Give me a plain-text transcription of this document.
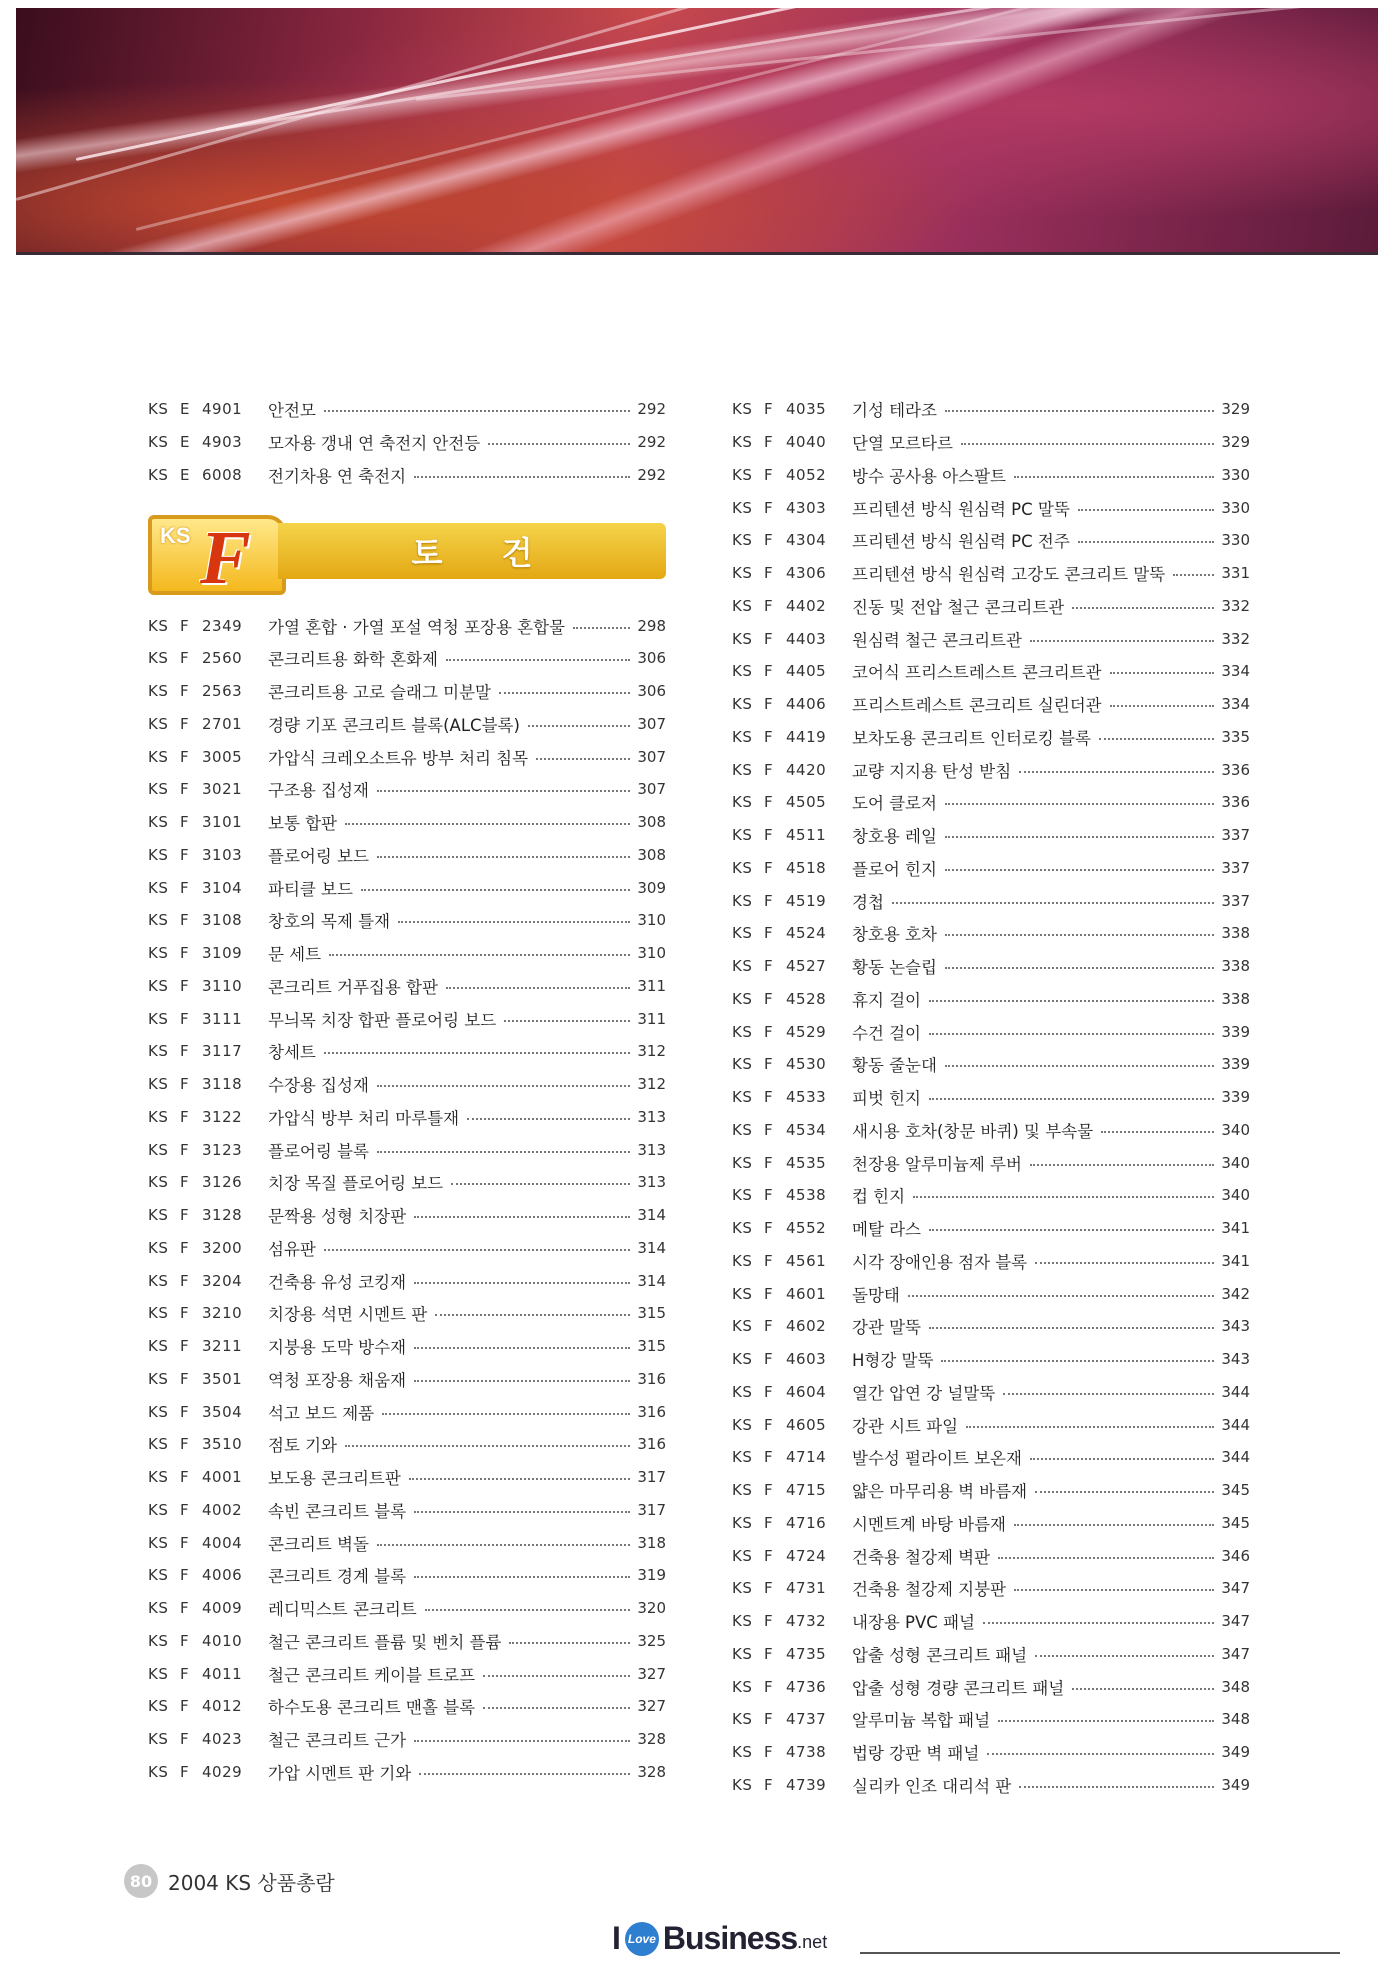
KS E 4901	안전모	292
KS E 4903	모자용 갱내 연 축전지 안전등	292
KS E 6008	전기차용 연 축전지	292
KS F	토 건
KS F 2349	가열 혼합 · 가열 포설 역청 포장용 혼합물	298
KS F 2560	콘크리트용 화학 혼화제	306
KS F 2563	콘크리트용 고로 슬래그 미분말	306
KS F 2701	경량 기포 콘크리트 블록(ALC블록)	307
KS F 3005	가압식 크레오소트유 방부 처리 침목	307
KS F 3021	구조용 집성재	307
KS F 3101	보통 합판	308
KS F 3103	플로어링 보드	308
KS F 3104	파티클 보드	309
KS F 3108	창호의 목제 틀재	310
KS F 3109	문 세트	310
KS F 3110	콘크리트 거푸집용 합판	311
KS F 3111	무늬목 치장 합판 플로어링 보드	311
KS F 3117	창세트	312
KS F 3118	수장용 집성재	312
KS F 3122	가압식 방부 처리 마루틀재	313
KS F 3123	플로어링 블록	313
KS F 3126	치장 목질 플로어링 보드	313
KS F 3128	문짝용 성형 치장판	314
KS F 3200	섬유판	314
KS F 3204	건축용 유성 코킹재	314
KS F 3210	치장용 석면 시멘트 판	315
KS F 3211	지붕용 도막 방수재	315
KS F 3501	역청 포장용 채움재	316
KS F 3504	석고 보드 제품	316
KS F 3510	점토 기와	316
KS F 4001	보도용 콘크리트판	317
KS F 4002	속빈 콘크리트 블록	317
KS F 4004	콘크리트 벽돌	318
KS F 4006	콘크리트 경계 블록	319
KS F 4009	레디믹스트 콘크리트	320
KS F 4010	철근 콘크리트 플륨 및 벤치 플륨	325
KS F 4011	철근 콘크리트 케이블 트로프	327
KS F 4012	하수도용 콘크리트 맨홀 블록	327
KS F 4023	철근 콘크리트 근가	328
KS F 4029	가압 시멘트 판 기와	328
KS F 4035	기성 테라조	329
KS F 4040	단열 모르타르	329
KS F 4052	방수 공사용 아스팔트	330
KS F 4303	프리텐션 방식 원심력 PC 말뚝	330
KS F 4304	프리텐션 방식 원심력 PC 전주	330
KS F 4306	프리텐션 방식 원심력 고강도 콘크리트 말뚝	331
KS F 4402	진동 및 전압 철근 콘크리트관	332
KS F 4403	원심력 철근 콘크리트관	332
KS F 4405	코어식 프리스트레스트 콘크리트관	334
KS F 4406	프리스트레스트 콘크리트 실린더관	334
KS F 4419	보차도용 콘크리트 인터로킹 블록	335
KS F 4420	교량 지지용 탄성 받침	336
KS F 4505	도어 클로저	336
KS F 4511	창호용 레일	337
KS F 4518	플로어 힌지	337
KS F 4519	경첩	337
KS F 4524	창호용 호차	338
KS F 4527	황동 논슬립	338
KS F 4528	휴지 걸이	338
KS F 4529	수건 걸이	339
KS F 4530	황동 줄눈대	339
KS F 4533	피벗 힌지	339
KS F 4534	새시용 호차(창문 바퀴) 및 부속물	340
KS F 4535	천장용 알루미늄제 루버	340
KS F 4538	컵 힌지	340
KS F 4552	메탈 라스	341
KS F 4561	시각 장애인용 점자 블록	341
KS F 4601	돌망태	342
KS F 4602	강관 말뚝	343
KS F 4603	H형강 말뚝	343
KS F 4604	열간 압연 강 널말뚝	344
KS F 4605	강관 시트 파일	344
KS F 4714	발수성 펄라이트 보온재	344
KS F 4715	얇은 마무리용 벽 바름재	345
KS F 4716	시멘트계 바탕 바름재	345
KS F 4724	건축용 철강제 벽판	346
KS F 4731	건축용 철강제 지붕판	347
KS F 4732	내장용 PVC 패널	347
KS F 4735	압출 성형 콘크리트 패널	347
KS F 4736	압출 성형 경량 콘크리트 패널	348
KS F 4737	알루미늄 복합 패널	348
KS F 4738	법랑 강판 벽 패널	349
KS F 4739	실리카 인조 대리석 판	349
80 2004 KS 상품총람
I Love Business .net
